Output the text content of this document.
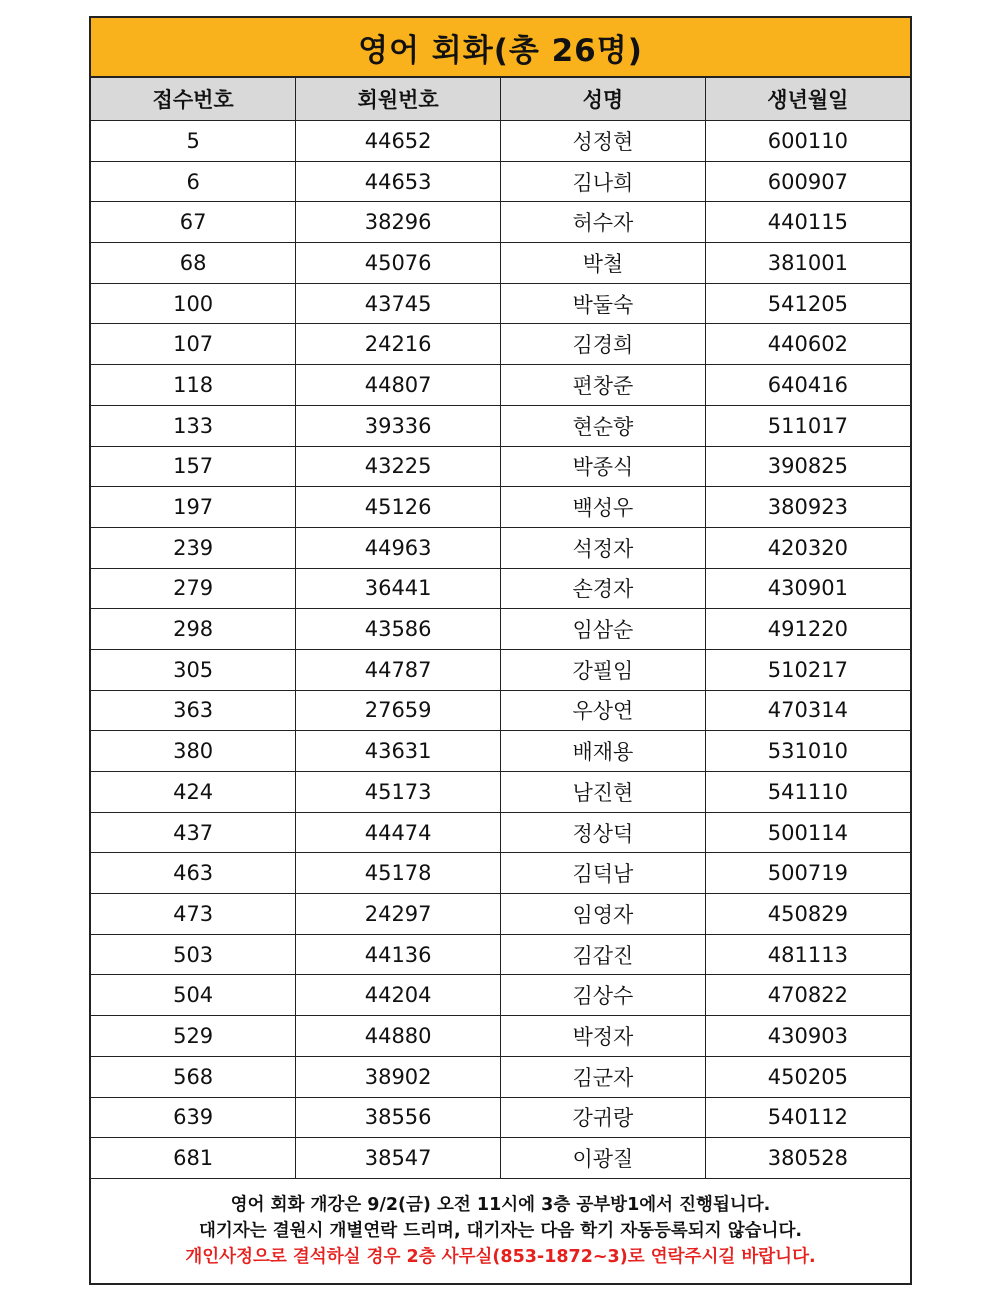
영어 회화(총 26명)
접수번호	회원번호	성명	생년월일
5	44652	성정현	600110
6	44653	김나희	600907
67	38296	허수자	440115
68	45076	박철	381001
100	43745	박둘숙	541205
107	24216	김경희	440602
118	44807	편창준	640416
133	39336	현순향	511017
157	43225	박종식	390825
197	45126	백성우	380923
239	44963	석정자	420320
279	36441	손경자	430901
298	43586	임삼순	491220
305	44787	강필임	510217
363	27659	우상연	470314
380	43631	배재용	531010
424	45173	남진현	541110
437	44474	정상덕	500114
463	45178	김덕남	500719
473	24297	임영자	450829
503	44136	김갑진	481113
504	44204	김상수	470822
529	44880	박정자	430903
568	38902	김군자	450205
639	38556	강귀랑	540112
681	38547	이광질	380528
영어 회화 개강은 9/2(금) 오전 11시에 3층 공부방1에서 진행됩니다.
대기자는 결원시 개별연락 드리며, 대기자는 다음 학기 자동등록되지 않습니다.
개인사정으로 결석하실 경우 2층 사무실(853-1872~3)로 연락주시길 바랍니다.
